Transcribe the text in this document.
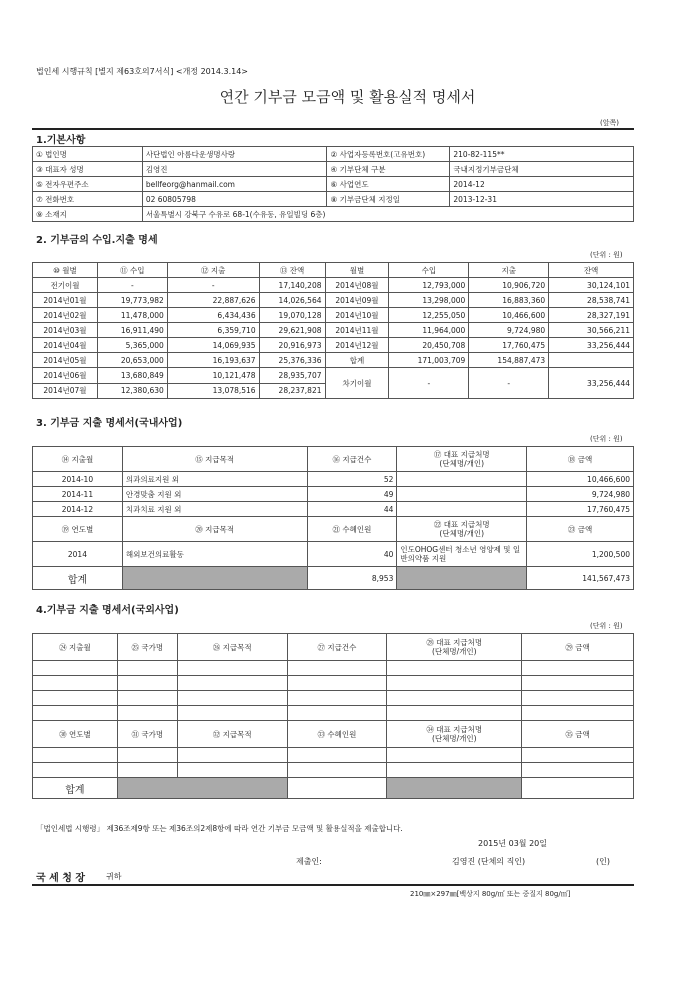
법인세 시행규칙 [별지 제63호의7서식] <개정 2014.3.14>
연간 기부금 모금액 및 활용실적 명세서
(앞쪽)
1.기본사항
① 법인명	사단법인 아름다운생명사랑	② 사업자등록번호(고유번호)	210-82-115**
③ 대표자 성명	김영진	④ 기부단체 구분	국내지정기부금단체
⑤ 전자우편주소	bellfeorg@hanmail.com	⑥ 사업연도	2014-12
⑦ 전화번호	02 60805798	⑧ 기부금단체 지정일	2013-12-31
⑨ 소재지	서울특별시 강북구 수유로 68-1(수유동, 유일빌딩 6층)		
2. 기부금의 수입.지출 명세
(단위 : 원)
⑩ 월별	⑪ 수입	⑫ 지출	⑬ 잔액	월별	수입	지출	잔액
전기이월	-	-	17,140,208	2014년08월	12,793,000	10,906,720	30,124,101
2014년01월	19,773,982	22,887,626	14,026,564	2014년09월	13,298,000	16,883,360	28,538,741
2014년02월	11,478,000	6,434,436	19,070,128	2014년10월	12,255,050	10,466,600	28,327,191
2014년03월	16,911,490	6,359,710	29,621,908	2014년11월	11,964,000	9,724,980	30,566,211
2014년04월	5,365,000	14,069,935	20,916,973	2014년12월	20,450,708	17,760,475	33,256,444
2014년05월	20,653,000	16,193,637	25,376,336	합계	171,003,709	154,887,473	
2014년06월	13,680,849	10,121,478	28,935,707	차기이월	-	-	33,256,444
2014년07월	12,380,630	13,078,516	28,237,821				
3. 기부금 지출 명세서(국내사업)
(단위 : 원)
⑭ 지출월	⑮ 지급목적	⑯ 지급건수	⑰ 대표 지급처명
(단체명/개인)	⑱ 금액
2014-10	의과의료지원 외	52		10,466,600
2014-11	안경맞춤 지원 외	49		9,724,980
2014-12	치과치료 지원 외	44		17,760,475
⑲ 연도별	⑳ 지급목적	㉑ 수혜인원	㉒ 대표 지급처명
(단체명/개인)	㉓ 금액
2014	해외보건의료활동	40	인도OHOG센터 청소년 영양제 및 일반의약품 지원	1,200,500
합계		8,953		141,567,473
4.기부금 지출 명세서(국외사업)
(단위 : 원)
㉔ 지출월	㉕ 국가명	㉖ 지급목적	㉗ 지급건수	㉘ 대표 지급처명
(단체명/개인)	㉙ 금액

㉚ 연도별	㉛ 국가명	㉜ 지급목적	㉝ 수혜인원	㉞ 대표 지급처명
(단체명/개인)	㉟ 금액

합계					
「법인세법 시행령」 제36조제9항 또는 제36조의2제8항에 따라 연간 기부금 모금액 및 활용실적을 제출합니다.
2015년 03월 20일
제출인:	김영진 (단체의 직인)	(인)
국 세 청 장	귀하
210㎜×297㎜[백상지 80g/㎡ 또는 중질지 80g/㎡]
